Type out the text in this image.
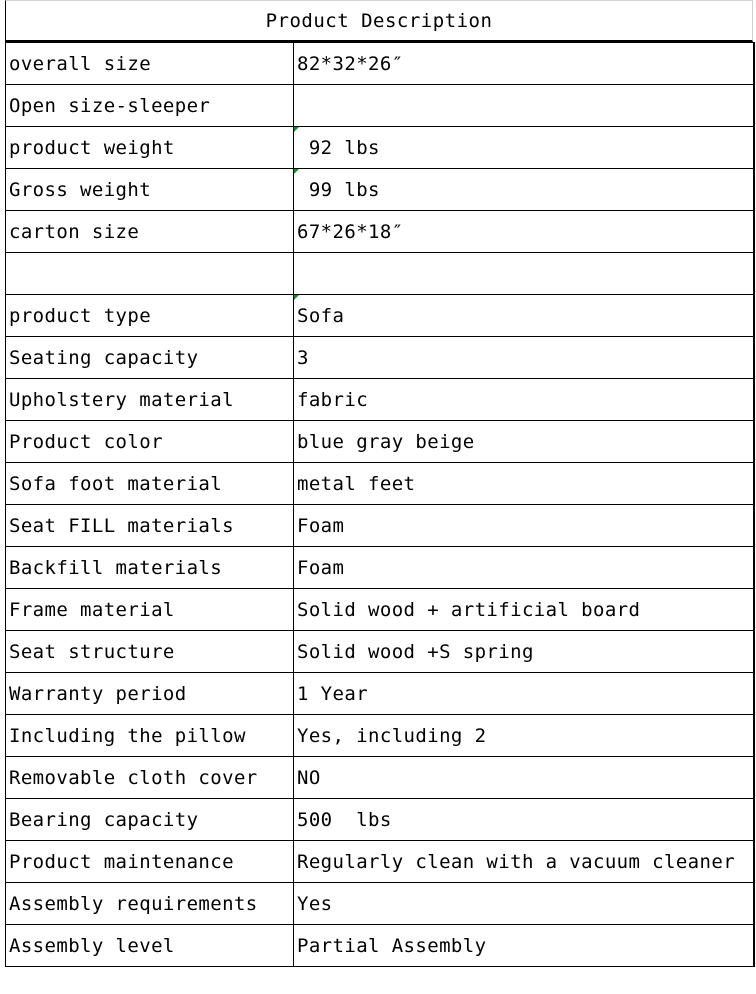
Product Description
overall size	82*32*26″
Open size-sleeper	
product weight	92 lbs
Gross weight	99 lbs
carton size	67*26*18″

product type	Sofa
Seating capacity	3
Upholstery material	fabric
Product color	blue gray beige
Sofa foot material	metal feet
Seat FILL materials	Foam
Backfill materials	Foam
Frame material	Solid wood + artificial board
Seat structure	Solid wood +S spring
Warranty period	1 Year
Including the pillow	Yes, including 2
Removable cloth cover	NO
Bearing capacity	500  lbs
Product maintenance	Regularly clean with a vacuum cleaner
Assembly requirements	Yes
Assembly level	Partial Assembly
